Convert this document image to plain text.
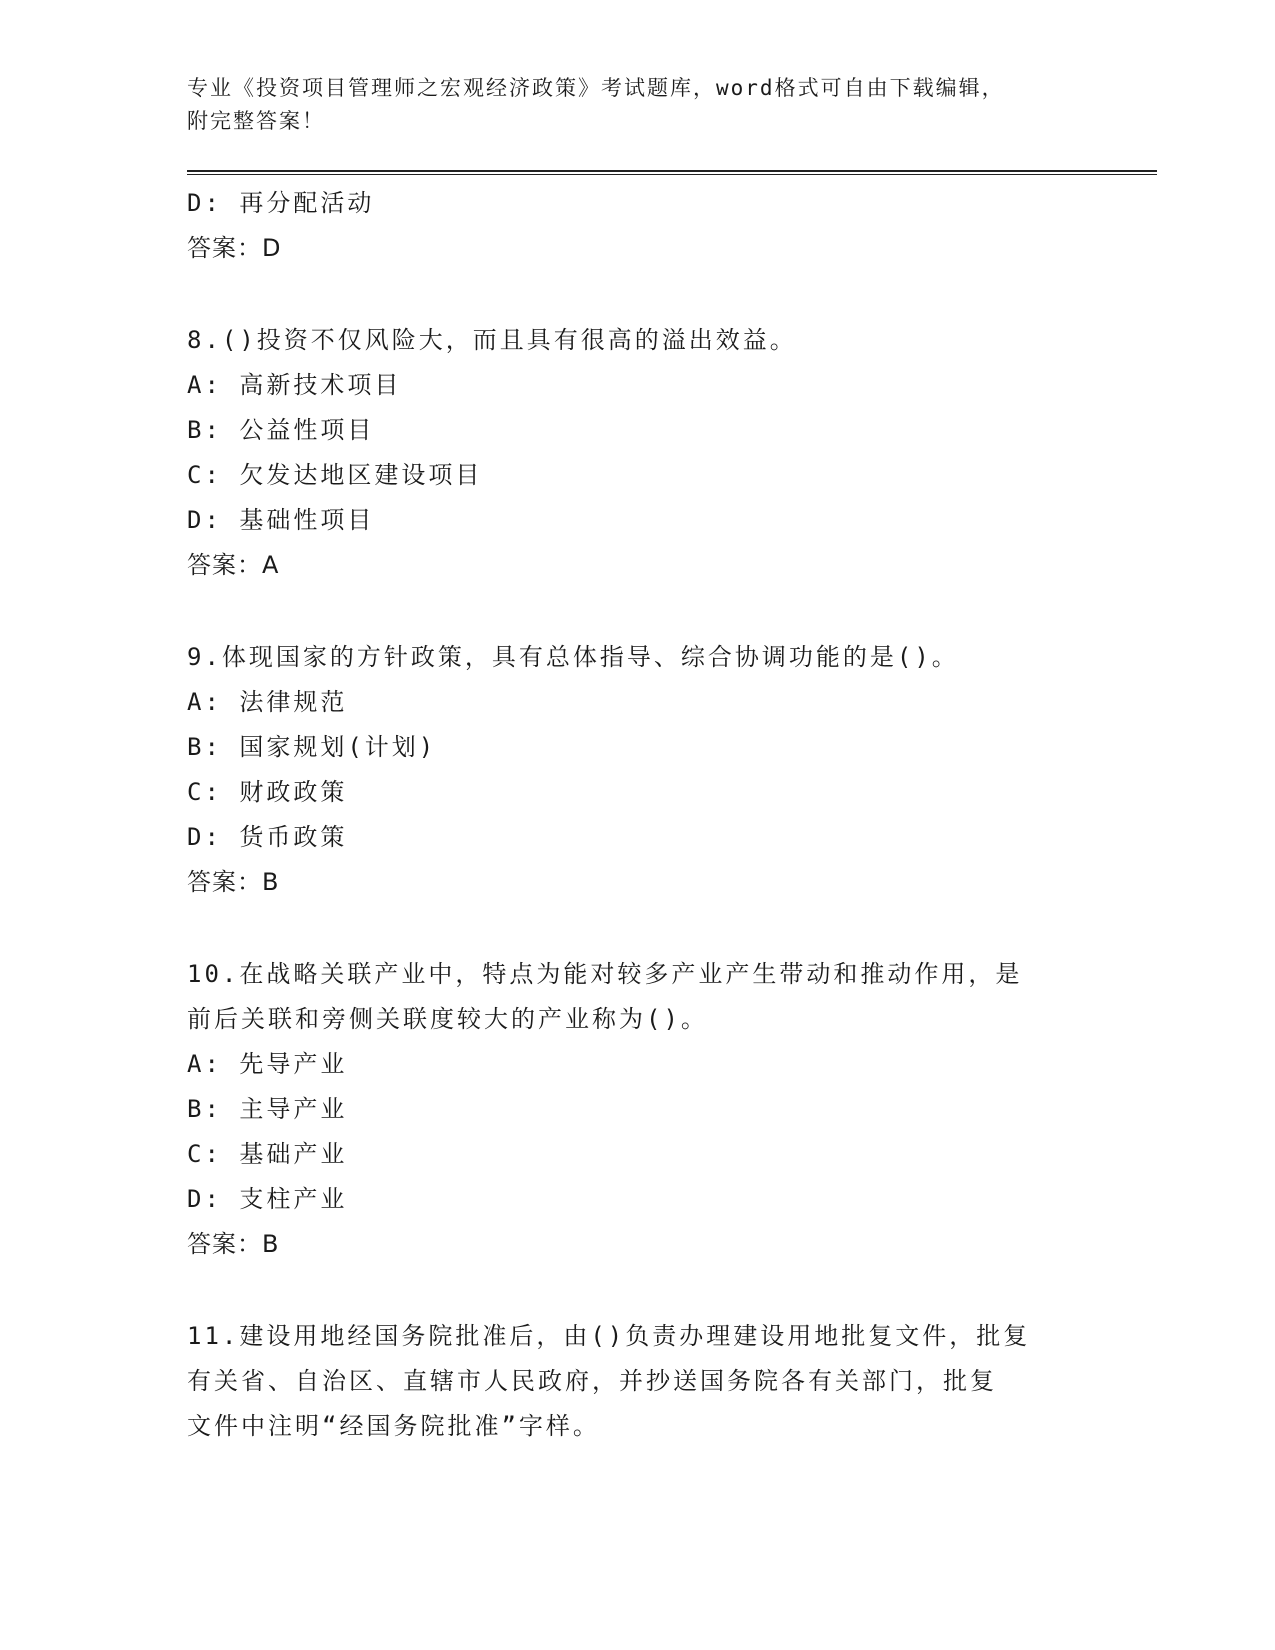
专业《投资项目管理师之宏观经济政策》考试题库，word格式可自由下载编辑，
附完整答案！
D: 再分配活动
答案：D
8.()投资不仅风险大，而且具有很高的溢出效益。
A: 高新技术项目
B: 公益性项目
C: 欠发达地区建设项目
D: 基础性项目
答案：A
9.体现国家的方针政策，具有总体指导、综合协调功能的是()。
A: 法律规范
B: 国家规划(计划)
C: 财政政策
D: 货币政策
答案：B
10.在战略关联产业中，特点为能对较多产业产生带动和推动作用，是
前后关联和旁侧关联度较大的产业称为()。
A: 先导产业
B: 主导产业
C: 基础产业
D: 支柱产业
答案：B
11.建设用地经国务院批准后，由()负责办理建设用地批复文件，批复
有关省、自治区、直辖市人民政府，并抄送国务院各有关部门，批复
文件中注明“经国务院批准”字样。
